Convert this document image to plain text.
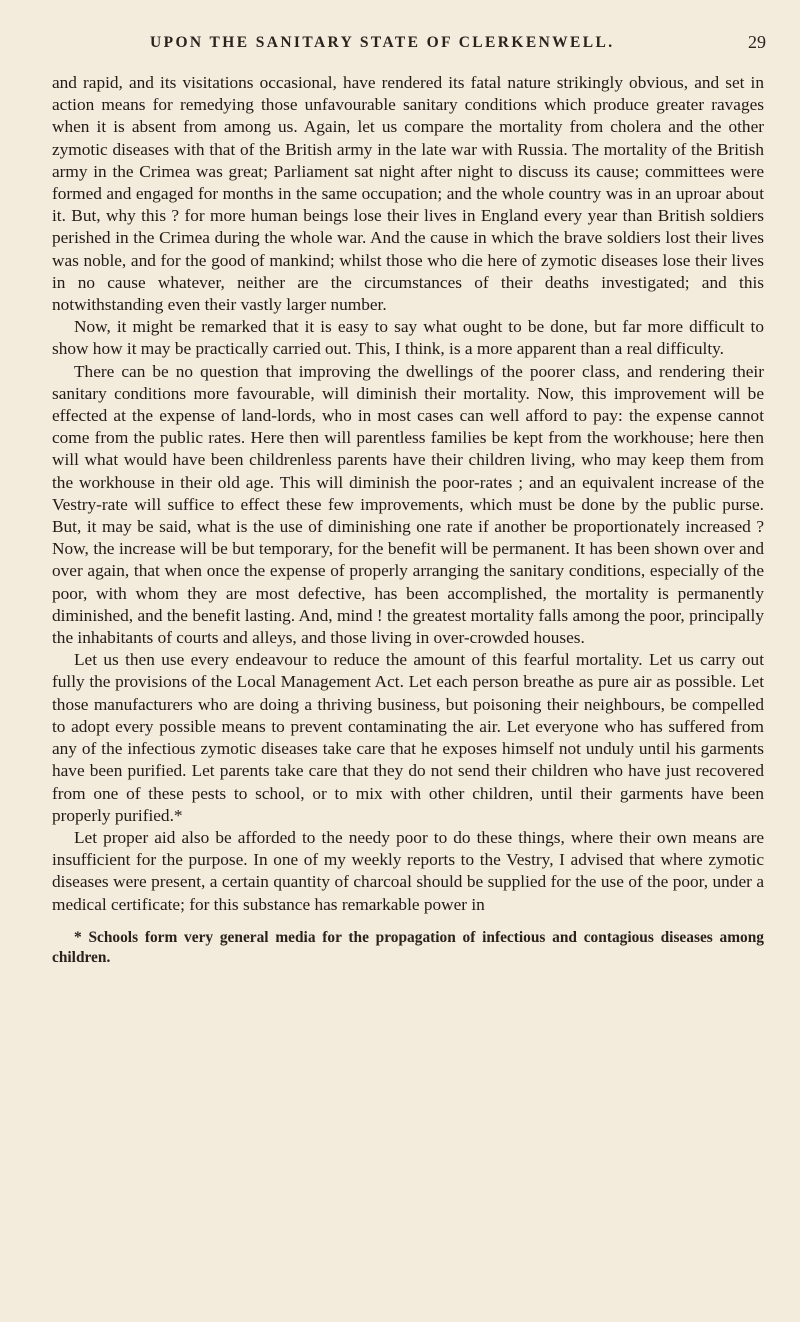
UPON THE SANITARY STATE OF CLERKENWELL.	29

and rapid, and its visitations occasional, have rendered its fatal nature strikingly obvious, and set in action means for remedying those unfavourable sanitary conditions which produce greater ravages when it is absent from among us. Again, let us compare the mortality from cholera and the other zymotic diseases with that of the British army in the late war with Russia. The mortality of the British army in the Crimea was great; Parliament sat night after night to discuss its cause; committees were formed and engaged for months in the same occupation; and the whole country was in an uproar about it. But, why this ? for more human beings lose their lives in England every year than British soldiers perished in the Crimea during the whole war. And the cause in which the brave soldiers lost their lives was noble, and for the good of mankind; whilst those who die here of zymotic diseases lose their lives in no cause whatever, neither are the circumstances of their deaths investigated; and this notwithstanding even their vastly larger number.

Now, it might be remarked that it is easy to say what ought to be done, but far more difficult to show how it may be practically carried out. This, I think, is a more apparent than a real difficulty.

There can be no question that improving the dwellings of the poorer class, and rendering their sanitary conditions more favourable, will diminish their mortality. Now, this improvement will be effected at the expense of land-lords, who in most cases can well afford to pay: the expense cannot come from the public rates. Here then will parentless families be kept from the workhouse; here then will what would have been childrenless parents have their children living, who may keep them from the workhouse in their old age. This will diminish the poor-rates ; and an equivalent increase of the Vestry-rate will suffice to effect these few improvements, which must be done by the public purse. But, it may be said, what is the use of diminishing one rate if another be proportionately increased ? Now, the increase will be but temporary, for the benefit will be permanent. It has been shown over and over again, that when once the expense of properly arranging the sanitary conditions, especially of the poor, with whom they are most defective, has been accomplished, the mortality is permanently diminished, and the benefit lasting. And, mind ! the greatest mortality falls among the poor, principally the inhabitants of courts and alleys, and those living in over-crowded houses.

Let us then use every endeavour to reduce the amount of this fearful mortality. Let us carry out fully the provisions of the Local Management Act. Let each person breathe as pure air as possible. Let those manufacturers who are doing a thriving business, but poisoning their neighbours, be compelled to adopt every possible means to prevent contaminating the air. Let everyone who has suffered from any of the infectious zymotic diseases take care that he exposes himself not unduly until his garments have been purified. Let parents take care that they do not send their children who have just recovered from one of these pests to school, or to mix with other children, until their garments have been properly purified.*

Let proper aid also be afforded to the needy poor to do these things, where their own means are insufficient for the purpose. In one of my weekly reports to the Vestry, I advised that where zymotic diseases were present, a certain quantity of charcoal should be supplied for the use of the poor, under a medical certificate; for this substance has remarkable power in

* Schools form very general media for the propagation of infectious and contagious diseases among children.
